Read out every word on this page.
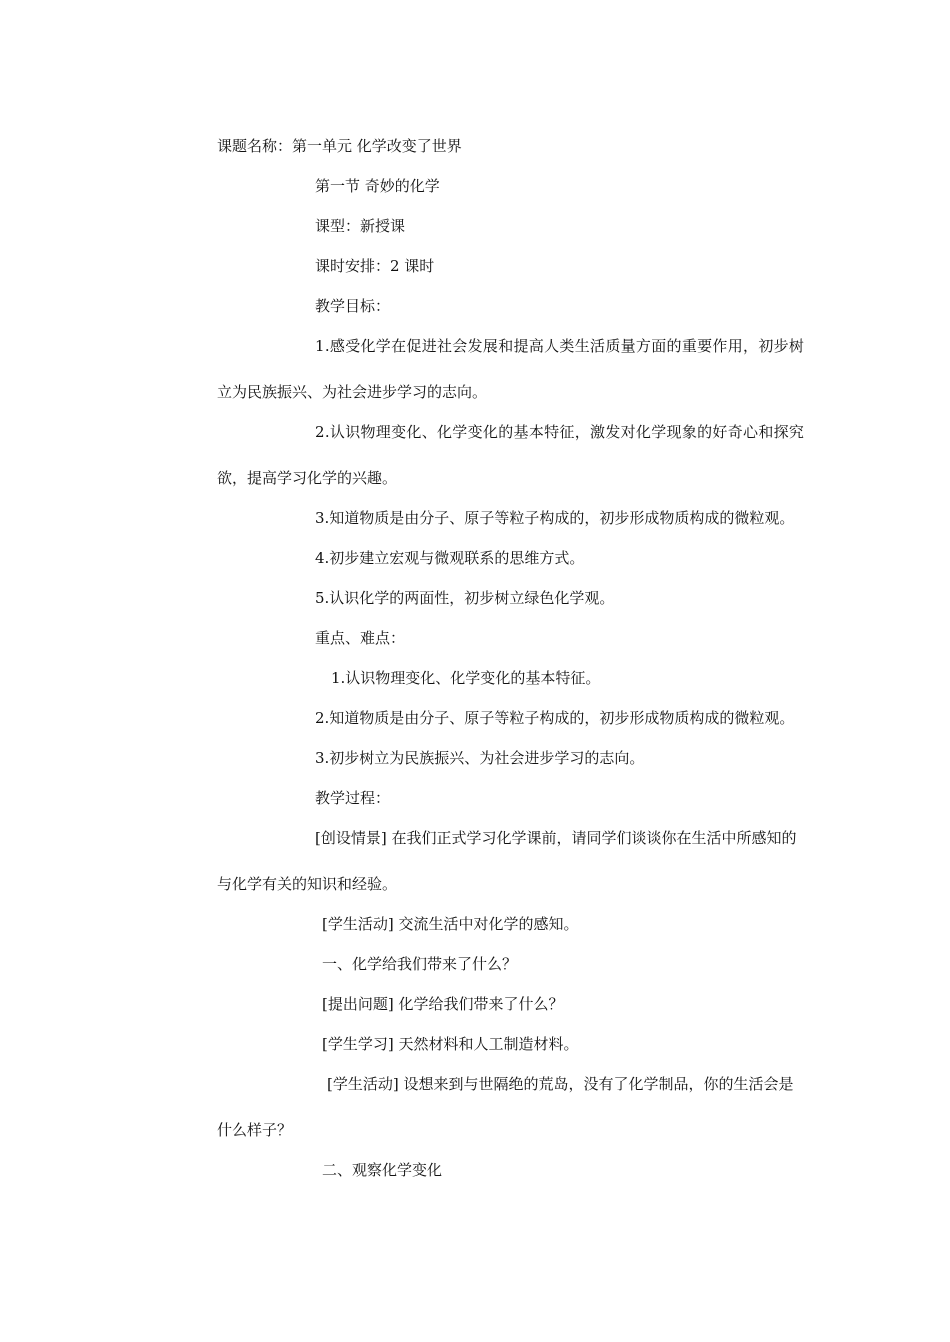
课题名称：第一单元 化学改变了世界

第一节 奇妙的化学

课型：新授课

课时安排：2 课时

教学目标：

1.感受化学在促进社会发展和提高人类生活质量方面的重要作用，初步树

立为民族振兴、为社会进步学习的志向。

2.认识物理变化、化学变化的基本特征，激发对化学现象的好奇心和探究

欲，提高学习化学的兴趣。

3.知道物质是由分子、原子等粒子构成的，初步形成物质构成的微粒观。

4.初步建立宏观与微观联系的思维方式。

5.认识化学的两面性，初步树立绿色化学观。

重点、难点：

1.认识物理变化、化学变化的基本特征。

2.知道物质是由分子、原子等粒子构成的，初步形成物质构成的微粒观。

3.初步树立为民族振兴、为社会进步学习的志向。

教学过程：

[创设情景] 在我们正式学习化学课前，请同学们谈谈你在生活中所感知的

与化学有关的知识和经验。

[学生活动] 交流生活中对化学的感知。

一、化学给我们带来了什么？

[提出问题] 化学给我们带来了什么？

[学生学习] 天然材料和人工制造材料。

[学生活动] 设想来到与世隔绝的荒岛，没有了化学制品，你的生活会是

什么样子？

二、观察化学变化
